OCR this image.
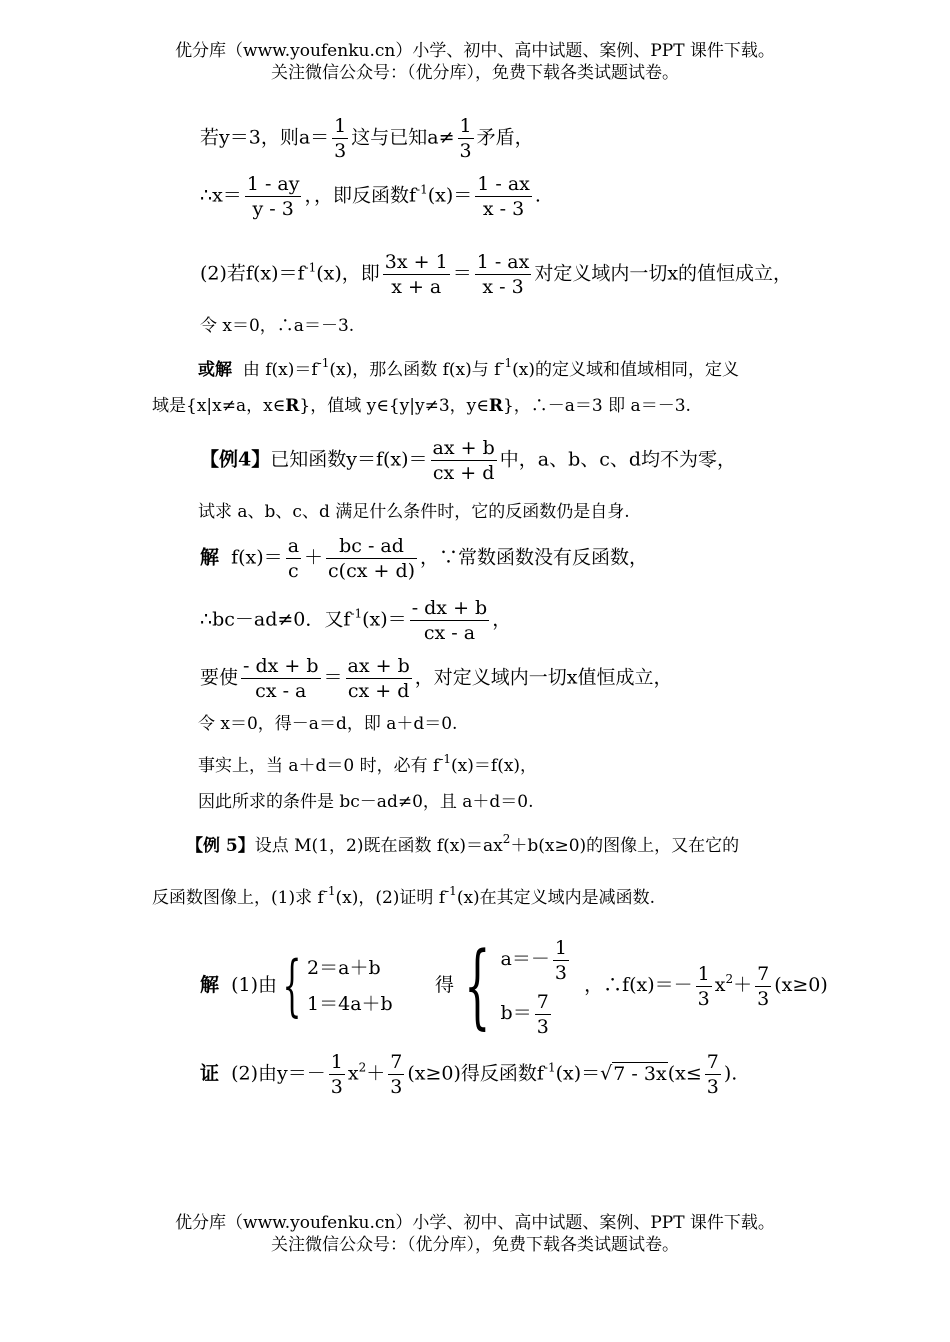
优分库（www.youfenku.cn）小学、初中、高中试题、案例、PPT 课件下载。
关注微信公众号：（优分库），免费下载各类试题试卷。
若y＝3，则$a= \frac{1}{3}$ 这与已知$a\ne \frac{1}{3}$ 矛盾，
∴x＝ $\frac{1 - ay}{y - 3}$ ，，即反函数$f^{-1}(x)= \frac{1 - ax}{x - 3}$ .
(2)若$f(x)=f^{-1}(x)$，即 $\frac{3x + 1}{x + a} = \frac{1 - ax}{x - 3}$ 对定义域内一切x的值恒成立，
令 x＝0，∴a＝－3.
或解 由 $f(x)=f^{-1}(x)$，那么函数 f(x)与 $f^{-1}(x)$的定义域和值域相同，定义
域是{x|x≠a，x∈R}，值域 y∈{y|y≠3，y∈R}，∴－a＝3 即 a＝－3.
【例4】已知函数$y=f(x)= \frac{ax + b}{cx + d}$ 中，a、b、c、d均不为零，
试求 a、b、c、d 满足什么条件时，它的反函数仍是自身.
解 $f(x)= \frac{a}{c} + \frac{bc - ad}{c(cx + d)}$ ，∵常数函数没有反函数，
∴bc－ad≠0．又$f^{-1}(x)= \frac{- dx + b}{cx - a}$ ，
要使 $\frac{- dx + b}{cx - a} = \frac{ax + b}{cx + d}$ ，对定义域内一切x值恒成立，
令 x＝0，得－a＝d，即 a＋d＝0.
事实上，当 a＋d＝0 时，必有 $f^{-1}(x)=f(x)$，
因此所求的条件是 bc－ad≠0，且 a＋d＝0.
【例 5】设点 M(1，2)既在函数 $f(x)=ax^2+b(x\ge 0)$的图像上，又在它的
反函数图像上，(1)求 $f^{-1}(x)$，(2)证明 $f^{-1}(x)$在其定义域内是减函数.
解 (1)由{ 2＝a＋b
1＝4a＋b
得 { $a=- \frac{1}{3}$
$b= \frac{7}{3}$
，∴f(x)＝－ $\frac{1}{3} x^2+ \frac{7}{3} (x\ge 0)$
证 (2)由$y=- \frac{1}{3} x^2+ \frac{7}{3} (x\ge 0)$得反函数$f^{-1}(x)=√7 - 3x(x\le \frac{7}{3}$ ).
优分库（www.youfenku.cn）小学、初中、高中试题、案例、PPT 课件下载。
关注微信公众号：（优分库），免费下载各类试题试卷。
